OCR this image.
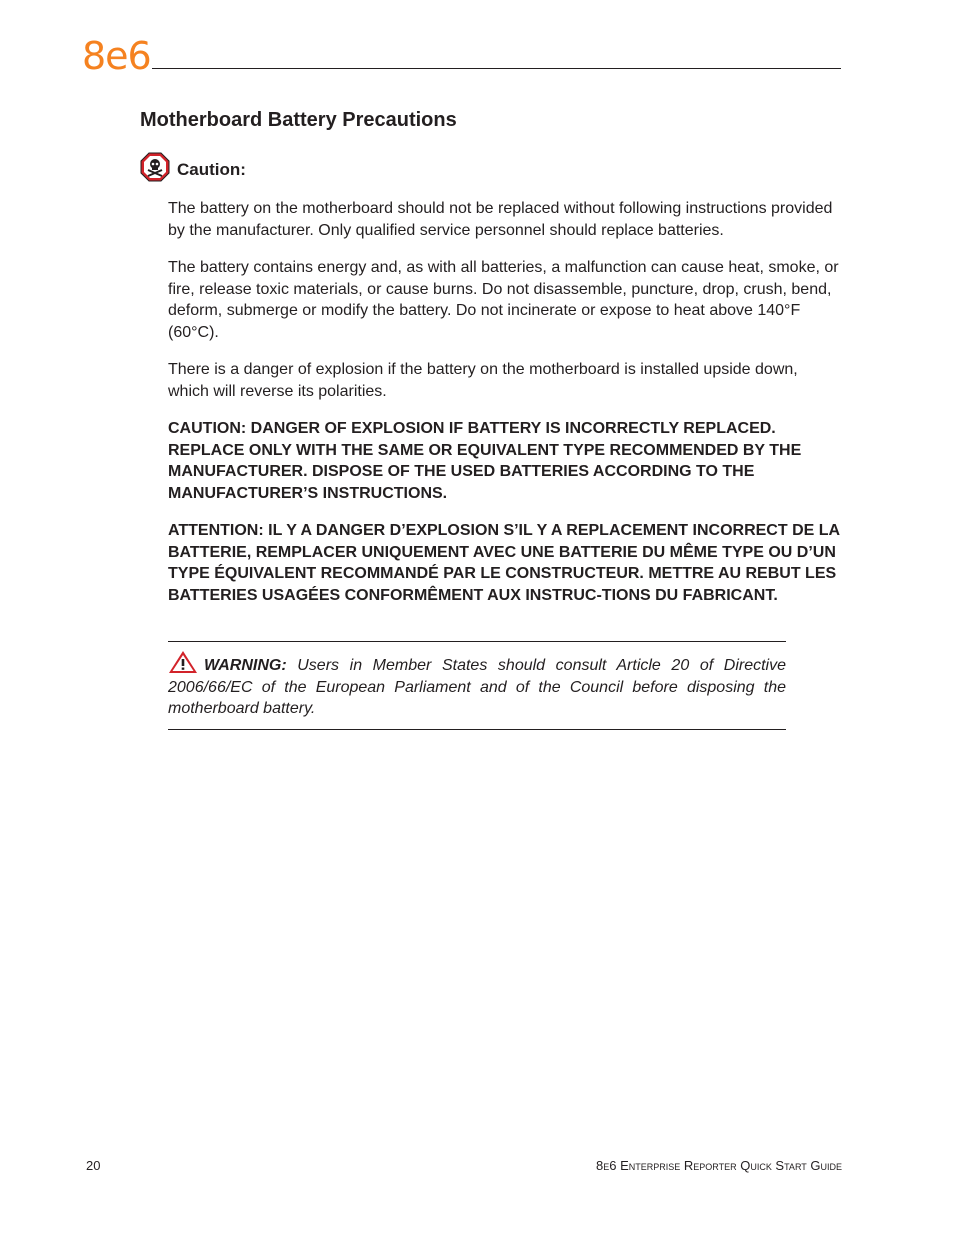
8e6
Motherboard Battery Precautions
Caution:

The battery on the motherboard should not be replaced without following instructions provided by the manufacturer. Only qualified service personnel should replace batteries.

The battery contains energy and, as with all batteries, a malfunction can cause heat, smoke, or fire, release toxic materials, or cause burns. Do not disassemble, puncture, drop, crush, bend, deform, submerge or modify the battery. Do not incinerate or expose to heat above 140°F (60°C).

There is a danger of explosion if the battery on the motherboard is installed upside down, which will reverse its polarities.

CAUTION: DANGER OF EXPLOSION IF BATTERY IS INCORRECTLY REPLACED. REPLACE ONLY WITH THE SAME OR EQUIVALENT TYPE RECOMMENDED BY THE MANUFACTURER. DISPOSE OF THE USED BATTERIES ACCORDING TO THE MANUFACTURER’S INSTRUCTIONS.

ATTENTION: IL Y A DANGER D’EXPLOSION S’IL Y A REPLACEMENT INCORRECT DE LA BATTERIE, REMPLACER UNIQUEMENT AVEC UNE BATTERIE DU MÊME TYPE OU D’UN TYPE ÉQUIVALENT RECOMMANDÉ PAR LE CONSTRUCTEUR. METTRE AU REBUT LES BATTERIES USAGÉES CONFORMÊMENT AUX INSTRUC-TIONS DU FABRICANT.

WARNING: Users in Member States should consult Article 20 of Directive 2006/66/EC of the European Parliament and of the Council before disposing the motherboard battery.

20	8e6 Enterprise Reporter Quick Start Guide
